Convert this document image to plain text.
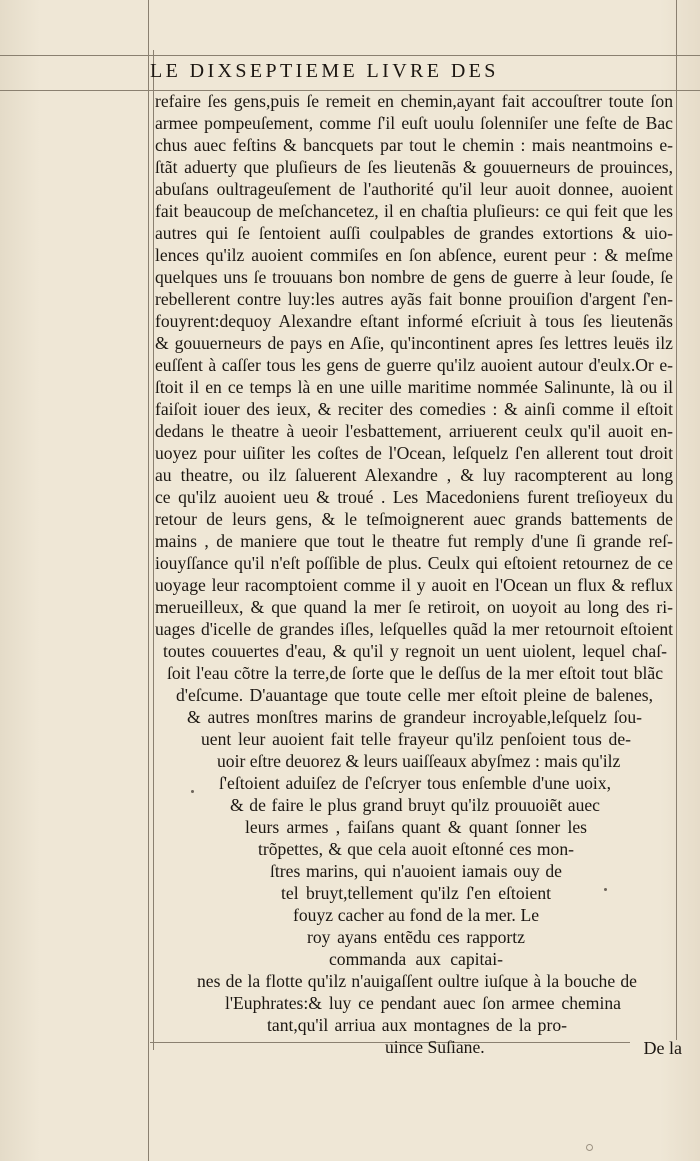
LE DIXSEPTIEME LIVRE DES
refaire ſes gens,puis ſe remeit en chemin,ayant fait accouſtrer toute ſon
armee pompeuſement, comme ſ'il euſt uoulu ſolenniſer une feſte de Bac
chus auec feſtins & bancquets par tout le chemin : mais neantmoins e-
ſtãt aduerty que pluſieurs de ſes lieutenãs & gouuerneurs de prouinces,
abuſans oultrageuſement de l'authorité qu'il leur auoit donnee, auoient
fait beaucoup de meſchancetez, il en chaſtia pluſieurs: ce qui feit que les
autres qui ſe ſentoient auſſi coulpables de grandes extortions & uio-
lences qu'ilz auoient commiſes en ſon abſence, eurent peur : & meſme
quelques uns ſe trouuans bon nombre de gens de guerre à leur ſoude, ſe
rebellerent contre luy:les autres ayãs fait bonne prouiſion d'argent ſ'en-
fouyrent:dequoy Alexandre eſtant informé eſcriuit à tous ſes lieutenãs
& gouuerneurs de pays en Aſie, qu'incontinent apres ſes lettres leuës ilz
euſſent à caſſer tous les gens de guerre qu'ilz auoient autour d'eulx.Or e-
ſtoit il en ce temps là en une uille maritime nommée Salinunte, là ou il
faiſoit iouer des ieux, & reciter des comedies : & ainſi comme il eſtoit
dedans le theatre à ueoir l'esbattement, arriuerent ceulx qu'il auoit en-
uoyez pour uiſiter les coſtes de l'Ocean, leſquelz ſ'en allerent tout droit
au theatre, ou ilz ſaluerent Alexandre , & luy racompterent au long
ce qu'ilz auoient ueu & troué . Les Macedoniens furent treſioyeux du
retour de leurs gens, & le teſmoignerent auec grands battements de
mains , de maniere que tout le theatre fut remply d'une ſi grande reſ-
iouyſſance qu'il n'eſt poſſible de plus. Ceulx qui eſtoient retournez de ce
uoyage leur racomptoient comme il y auoit en l'Ocean un flux & reflux
merueilleux, & que quand la mer ſe retiroit, on uoyoit au long des ri-
uages d'icelle de grandes iſles, leſquelles quãd la mer retournoit eſtoient
toutes couuertes d'eau, & qu'il y regnoit un uent uiolent, lequel chaſ-
ſoit l'eau cõtre la terre,de ſorte que le deſſus de la mer eſtoit tout blãc
d'eſcume. D'auantage que toute celle mer eſtoit pleine de balenes,
& autres monſtres marins de grandeur incroyable,leſquelz ſou-
uent leur auoient fait telle frayeur qu'ilz penſoient tous de-
uoir eſtre deuorez & leurs uaiſſeaux abyſmez : mais qu'ilz
ſ'eſtoient aduiſez de ſ'eſcryer tous enſemble d'une uoix,
& de faire le plus grand bruyt qu'ilz prouuoiẽt auec
leurs armes , faiſans quant & quant ſonner les
trõpettes, & que cela auoit eſtonné ces mon-
ſtres marins, qui n'auoient iamais ouy de
tel bruyt,tellement qu'ilz ſ'en eſtoient
fouyz cacher au fond de la mer. Le
roy ayans entẽdu ces rapportz
commanda aux capitai-
nes de la flotte qu'ilz n'auigaſſent oultre iuſque à la bouche de
l'Euphrates:& luy ce pendant auec ſon armee chemina
tant,qu'il arriua aux montagnes de la pro-
uince Suſiane.	De la
